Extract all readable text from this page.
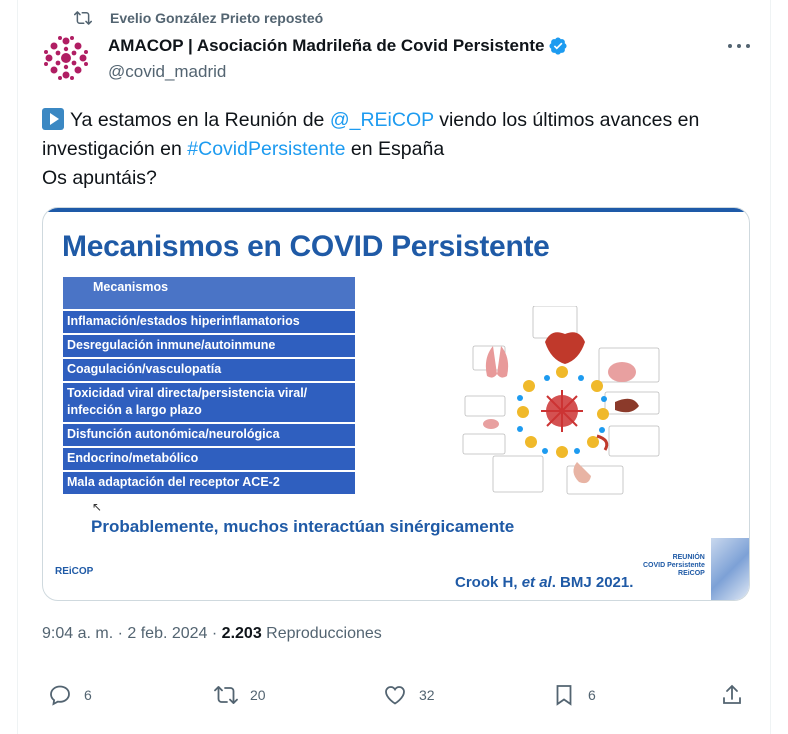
Evelio González Prieto reposteó
AMACOP | Asociación Madrileña de Covid Persistente
@covid_madrid
Ya estamos en la Reunión de @_REiCOP viendo los últimos avances en investigación en #CovidPersistente en España
Os apuntáis?
Mecanismos en COVID Persistente
Mecanismos
Inflamación/estados hiperinflamatorios
Desregulación inmune/autoinmune
Coagulación/vasculopatía
Toxicidad viral directa/persistencia viral/ infección a largo plazo
Disfunción autonómica/neurológica
Endocrino/metabólico
Mala adaptación del receptor ACE-2
↖
Probablemente, muchos interactúan sinérgicamente
REiCOP
Crook H, et al. BMJ 2021.
REUNIÓN
COVID Persistente
REiCOP
9:04 a. m. · 2 feb. 2024 · 2.203 Reproducciones
6	20	32	6
